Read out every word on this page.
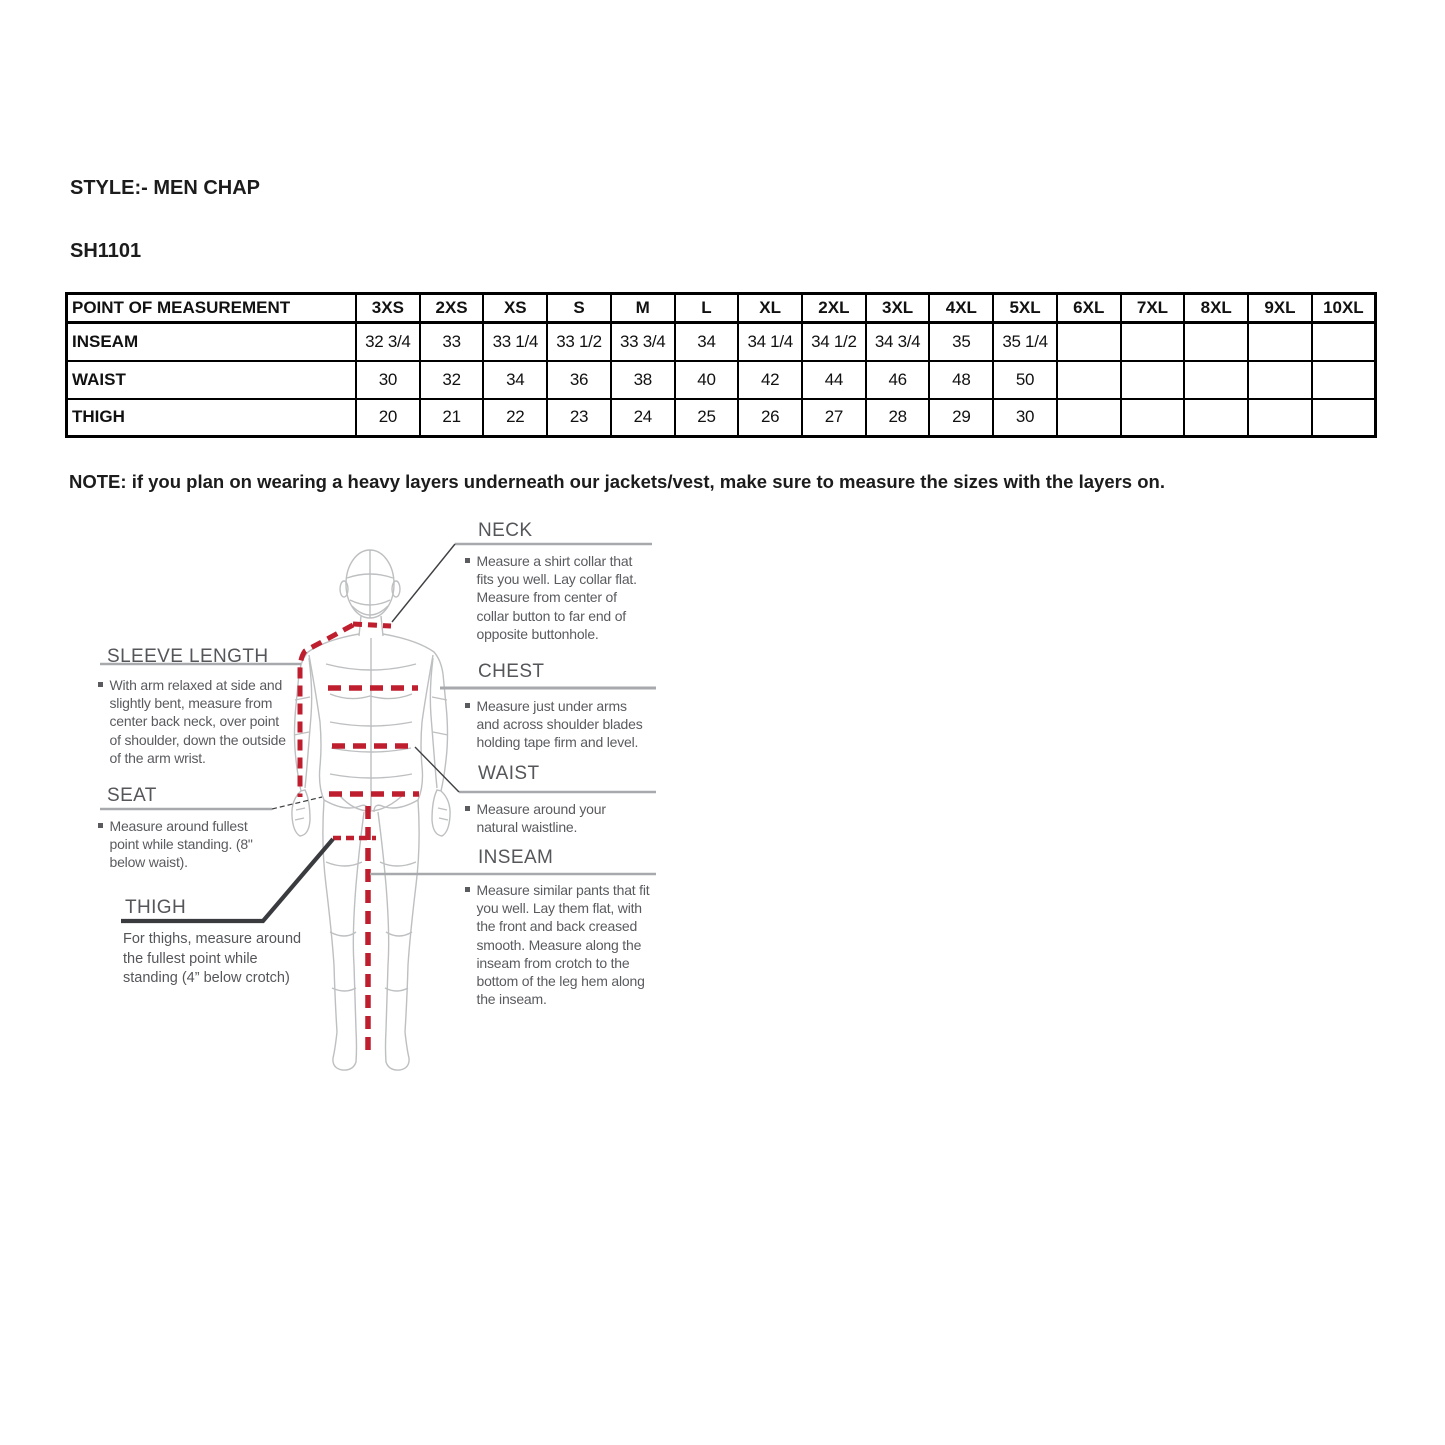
STYLE:- MEN CHAP
SH1101
POINT OF MEASUREMENT	3XS	2XS	XS	S	M	L	XL	2XL	3XL	4XL	5XL	6XL	7XL	8XL	9XL	10XL
INSEAM	32 3/4	33	33 1/4	33 1/2	33 3/4	34	34 1/4	34 1/2	34 3/4	35	35 1/4					
WAIST	30	32	34	36	38	40	42	44	46	48	50					
THIGH	20	21	22	23	24	25	26	27	28	29	30					
NOTE: if you plan on wearing a heavy layers underneath our jackets/vest, make sure to measure the sizes with the layers on.
NECK
Measure a shirt collar that fits you well. Lay collar flat. Measure from center of collar button to far end of opposite buttonhole.
CHEST
Measure just under arms and across shoulder blades holding tape firm and level.
WAIST
Measure around your natural waistline.
INSEAM
Measure similar pants that fit you well. Lay them flat, with the front and back creased smooth. Measure along the inseam from crotch to the bottom of the leg hem along the inseam.
SLEEVE LENGTH
With arm relaxed at side and slightly bent, measure from center back neck, over point of shoulder, down the outside of the arm wrist.
SEAT
Measure around fullest point while standing. (8" below waist).
THIGH
For thighs, measure around the fullest point while standing (4” below crotch)
